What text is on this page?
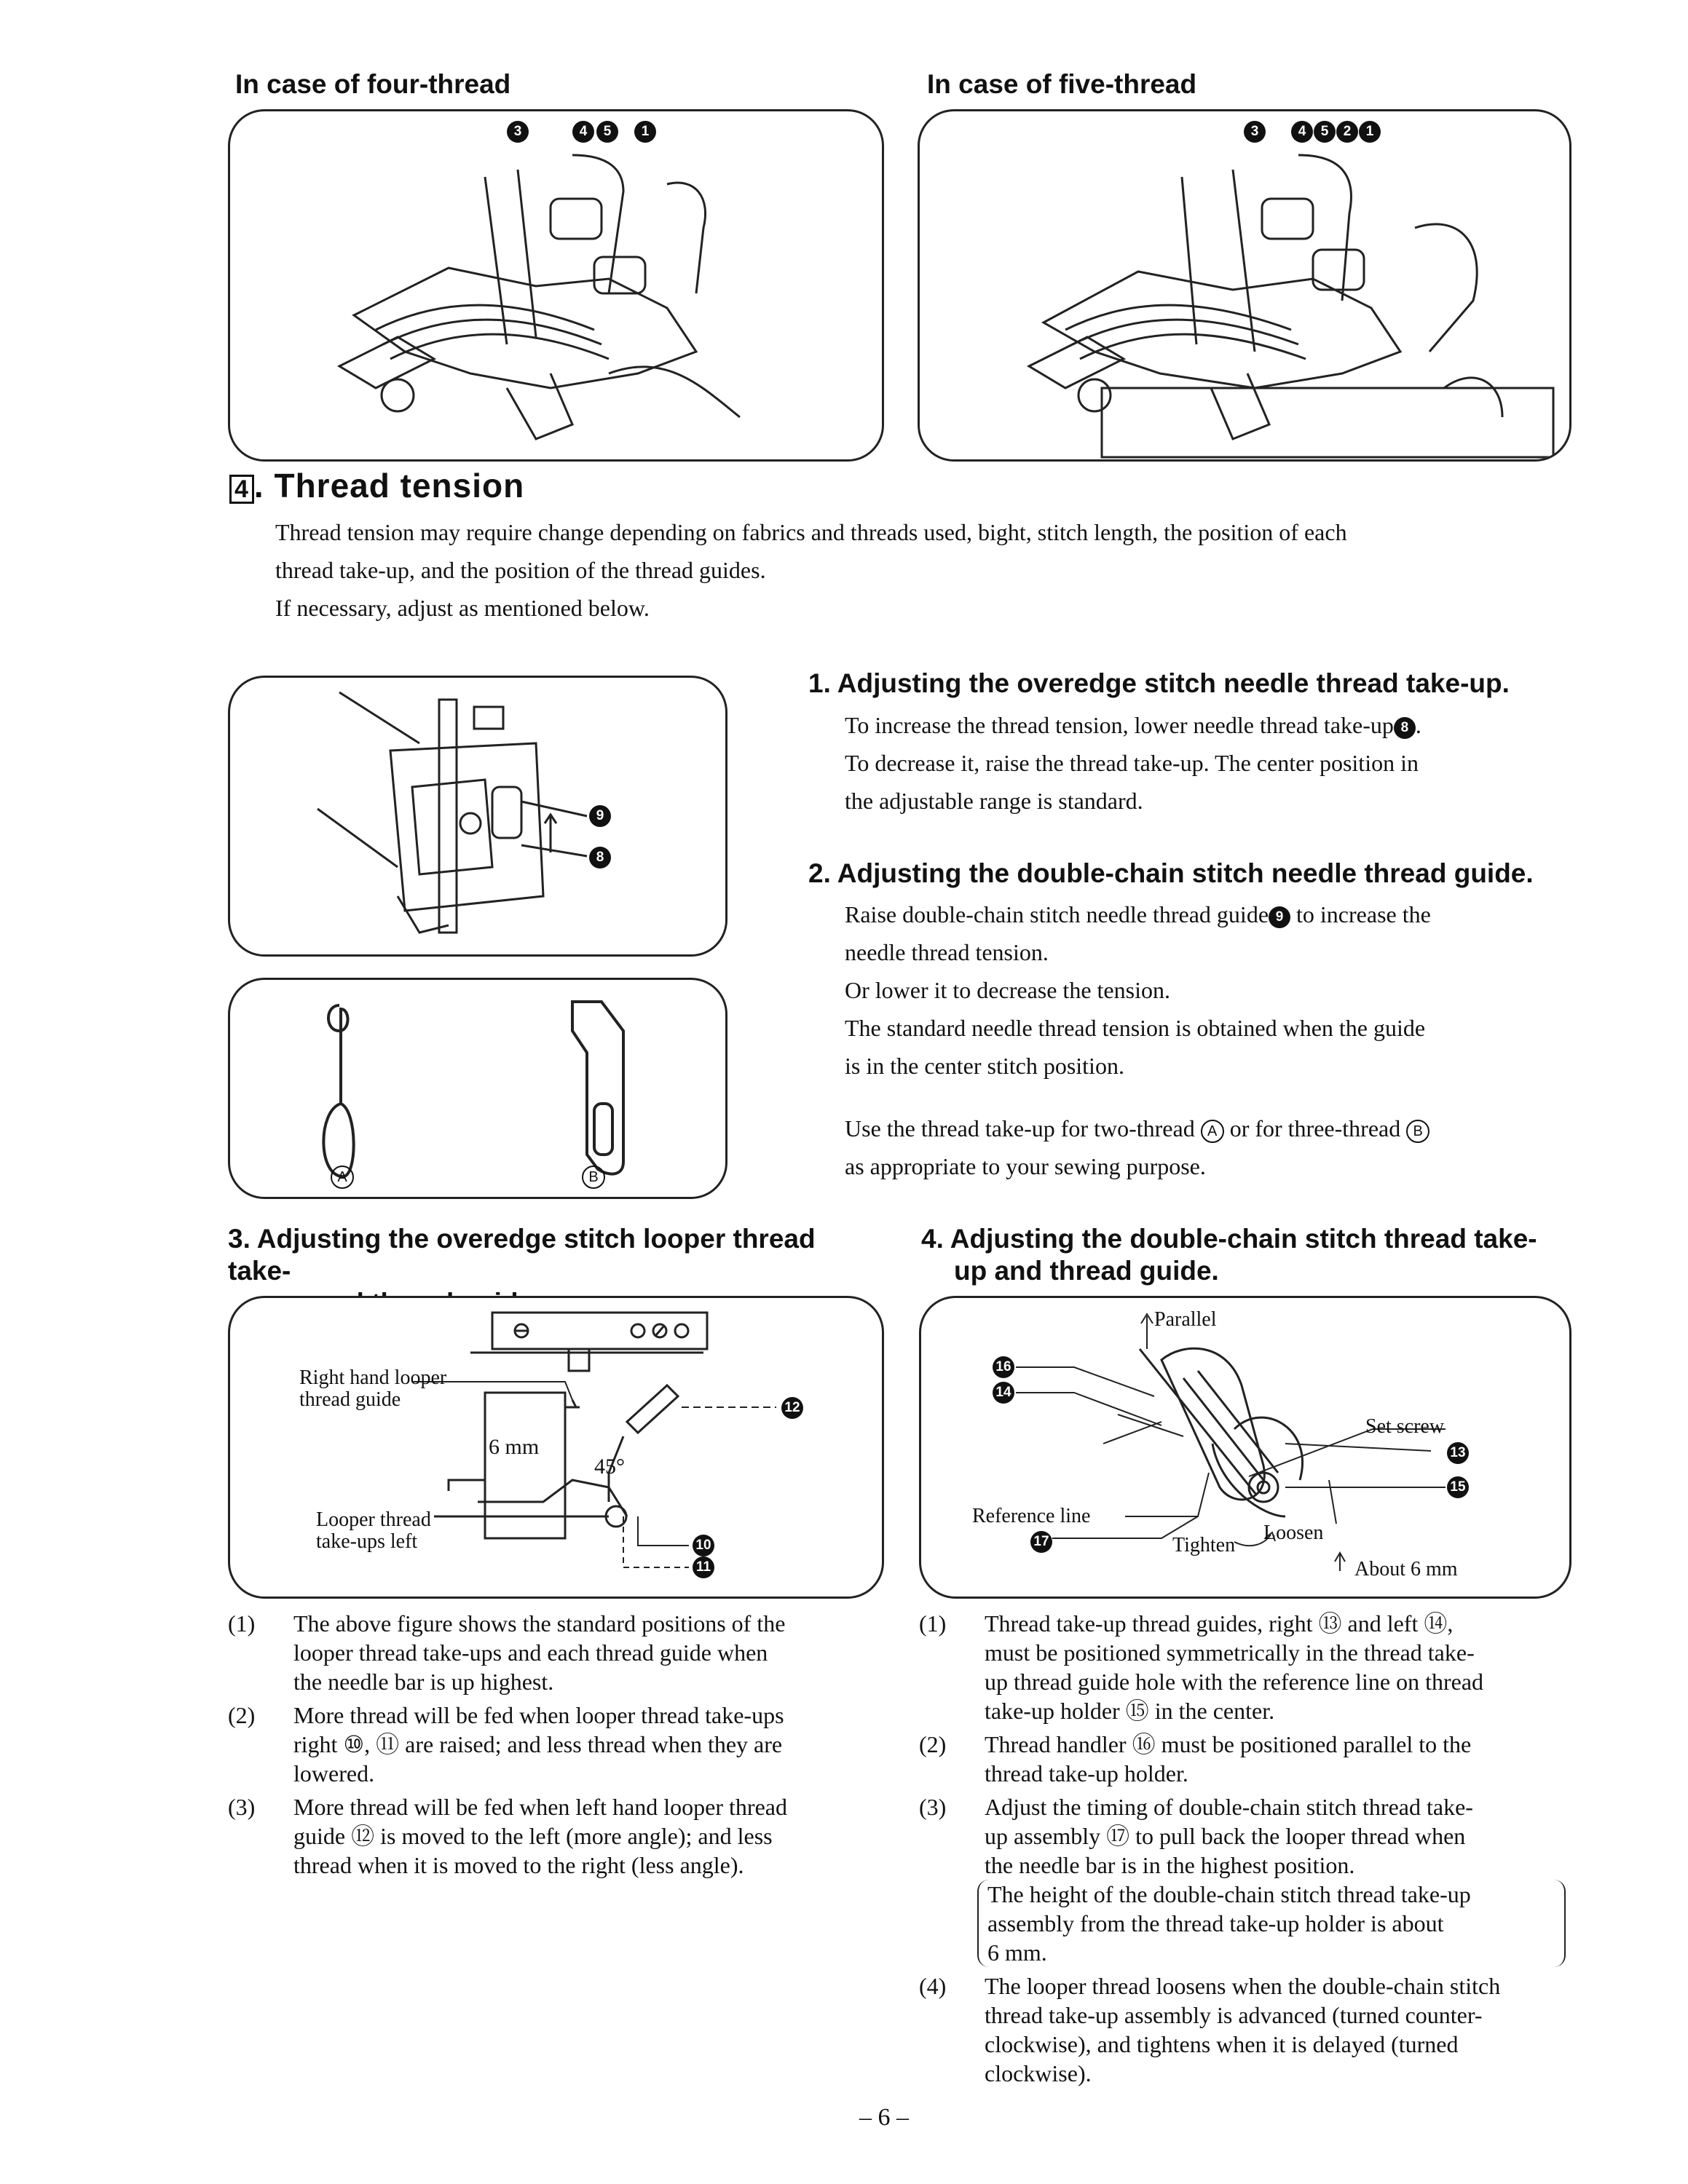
In case of four-thread	In case of five-thread
3	4	5	1	3	4	5	2	1
4 . Thread tension
Thread tension may require change depending on fabrics and threads used, bight, stitch length, the position of each
thread take-up, and the position of the thread guides.
If necessary, adjust as mentioned below.
9
8
A	B
1. Adjusting the overedge stitch needle thread take-up.
To increase the thread tension, lower needle thread take-up 8 .
To decrease it, raise the thread take-up. The center position in
the adjustable range is standard.
2. Adjusting the double-chain stitch needle thread guide.
Raise double-chain stitch needle thread guide 9 to increase the
needle thread tension.
Or lower it to decrease the tension.
The standard needle thread tension is obtained when the guide
is in the center stitch position.
Use the thread take-up for two-thread A or for three-thread B
as appropriate to your sewing purpose.
3. Adjusting the overedge stitch looper thread take-
Right hand looper
thread guide
6 mm
45°
Looper thread
take-ups left
12
10
11
(1) The above figure shows the standard positions of the
looper thread take-ups and each thread guide when
the needle bar is up highest.
(2) More thread will be fed when looper thread take-ups
right ⑩, ⑪ are raised; and less thread when they are
lowered.
(3) More thread will be fed when left hand looper thread
guide ⑫ is moved to the left (more angle); and less
thread when it is moved to the right (less angle).
4. Adjusting the double-chain stitch thread take-
up and thread guide.
Parallel
Set screw
Reference line
Loosen
Tighten
About 6 mm
16
14
13
15
17
(1) Thread take-up thread guides, right ⑬ and left ⑭,
must be positioned symmetrically in the thread take-
up thread guide hole with the reference line on thread
take-up holder ⑮ in the center.
(2) Thread handler ⑯ must be positioned parallel to the
thread take-up holder.
(3) Adjust the timing of double-chain stitch thread take-
up assembly ⑰ to pull back the looper thread when
the needle bar is in the highest position.
The height of the double-chain stitch thread take-up
assembly from the thread take-up holder is about
6 mm.
(4) The looper thread loosens when the double-chain stitch
thread take-up assembly is advanced (turned counter-
clockwise), and tightens when it is delayed (turned
clockwise).
– 6 –
